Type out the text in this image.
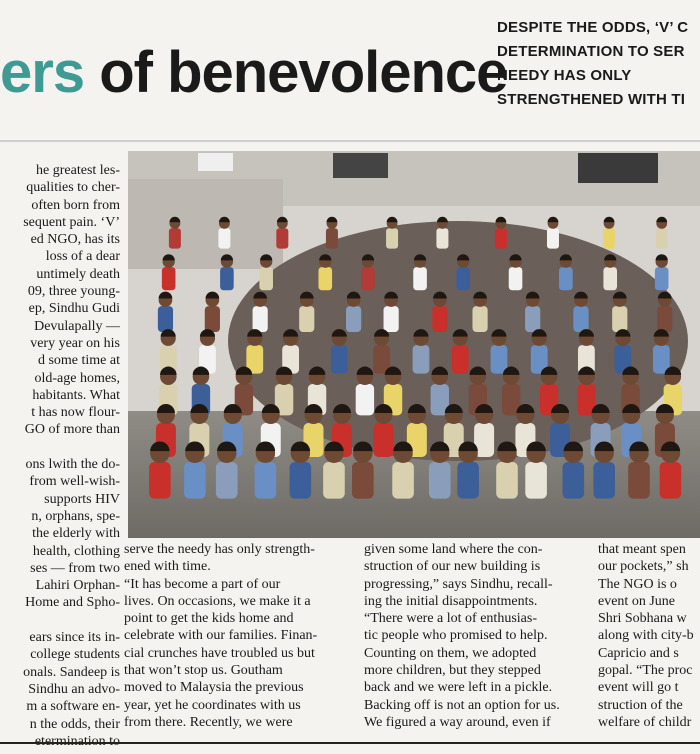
ers of benevolence
DESPITE THE ODDS, ‘V’ C
DETERMINATION TO SER
NEEDY HAS ONLY
STRENGTHENED WITH TI
he greatest les-
qualities to cher-
often born from
sequent pain. ‘V’
ed NGO, has its
loss of a dear
untimely death
09, three young-
ep, Sindhu Gudi
Devulapally —
very year on his
d some time at
old-age homes,
habitants. What
t has now flour-
GO of more than
ons lwith the do-
from well-wish-
supports HIV
n, orphans, spe-
the elderly with
health, clothing
ses — from two
Lahiri Orphan-
Home and Spho-
ears since its in-
college students
onals. Sandeep is
Sindhu an advo-
m a software en-
n the odds, their
serve the needy has only strength-
ened with time.
“It has become a part of our
lives. On occasions, we make it a
point to get the kids home and
celebrate with our families. Finan-
cial crunches have troubled us but
that won’t stop us. Goutham
moved to Malaysia the previous
year, yet he coordinates with us
from there. Recently, we were
given some land where the con-
struction of our new building is
progressing,” says Sindhu, recall-
ing the initial disappointments.
“There were a lot of enthusias-
tic people who promised to help.
Counting on them, we adopted
more children, but they stepped
back and we were left in a pickle.
Backing off is not an option for us.
We figured a way around, even if
that meant spen
our pockets,” sh
The NGO is o
event on June
Shri Sobhana w
along with city-b
Capricio and s
gopal. “The proc
event will go t
struction of the
welfare of childr
